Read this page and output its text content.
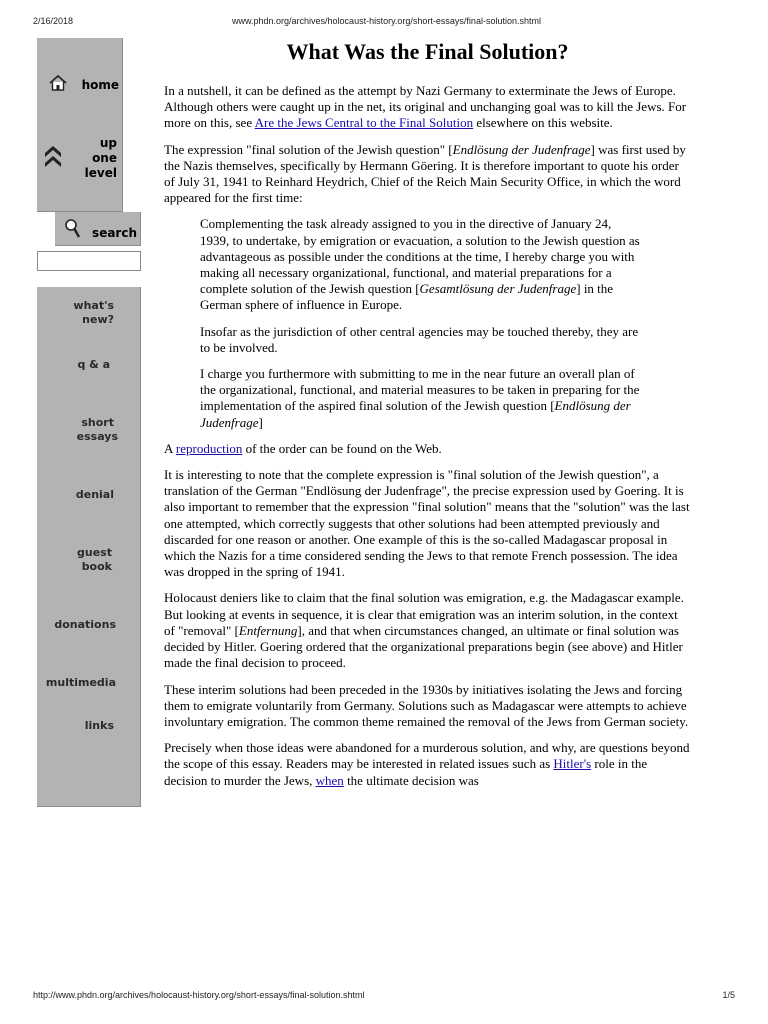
2/16/2018	www.phdn.org/archives/holocaust-history.org/short-essays/final-solution.shtml
home
up
one
level
search
what's
new?
q & a
short
essays
denial
guest
book
donations
multimedia
links
What Was the Final Solution?

In a nutshell, it can be defined as the attempt by Nazi Germany to exterminate the Jews of Europe. Although others were caught up in the net, its original and unchanging goal was to kill the Jews. For more on this, see Are the Jews Central to the Final Solution elsewhere on this website.

The expression "final solution of the Jewish question" [Endlösung der Judenfrage] was first used by the Nazis themselves, specifically by Hermann Göering. It is therefore important to quote his order of July 31, 1941 to Reinhard Heydrich, Chief of the Reich Main Security Office, in which the word appeared for the first time:

Complementing the task already assigned to you in the directive of January 24, 1939, to undertake, by emigration or evacuation, a solution to the Jewish question as advantageous as possible under the conditions at the time, I hereby charge you with making all necessary organizational, functional, and material preparations for a complete solution of the Jewish question [Gesamtlösung der Judenfrage] in the German sphere of influence in Europe.

Insofar as the jurisdiction of other central agencies may be touched thereby, they are to be involved.

I charge you furthermore with submitting to me in the near future an overall plan of the organizational, functional, and material measures to be taken in preparing for the implementation of the aspired final solution of the Jewish question [Endlösung der Judenfrage]

A reproduction of the order can be found on the Web.

It is interesting to note that the complete expression is "final solution of the Jewish question", a translation of the German "Endlösung der Judenfrage", the precise expression used by Goering. It is also important to remember that the expression "final solution" means that the "solution" was the last one attempted, which correctly suggests that other solutions had been attempted previously and discarded for one reason or another. One example of this is the so-called Madagascar proposal in which the Nazis for a time considered sending the Jews to that remote French possession. The idea was dropped in the spring of 1941.

Holocaust deniers like to claim that the final solution was emigration, e.g. the Madagascar example. But looking at events in sequence, it is clear that emigration was an interim solution, in the context of "removal" [Entfernung], and that when circumstances changed, an ultimate or final solution was decided by Hitler. Goering ordered that the organizational preparations begin (see above) and Hitler made the final decision to proceed.

These interim solutions had been preceded in the 1930s by initiatives isolating the Jews and forcing them to emigrate voluntarily from Germany. Solutions such as Madagascar were attempts to achieve involuntary emigration. The common theme remained the removal of the Jews from German society.

Precisely when those ideas were abandoned for a murderous solution, and why, are questions beyond the scope of this essay. Readers may be interested in related issues such as Hitler's role in the decision to murder the Jews, when the ultimate decision was

http://www.phdn.org/archives/holocaust-history.org/short-essays/final-solution.shtml	1/5
